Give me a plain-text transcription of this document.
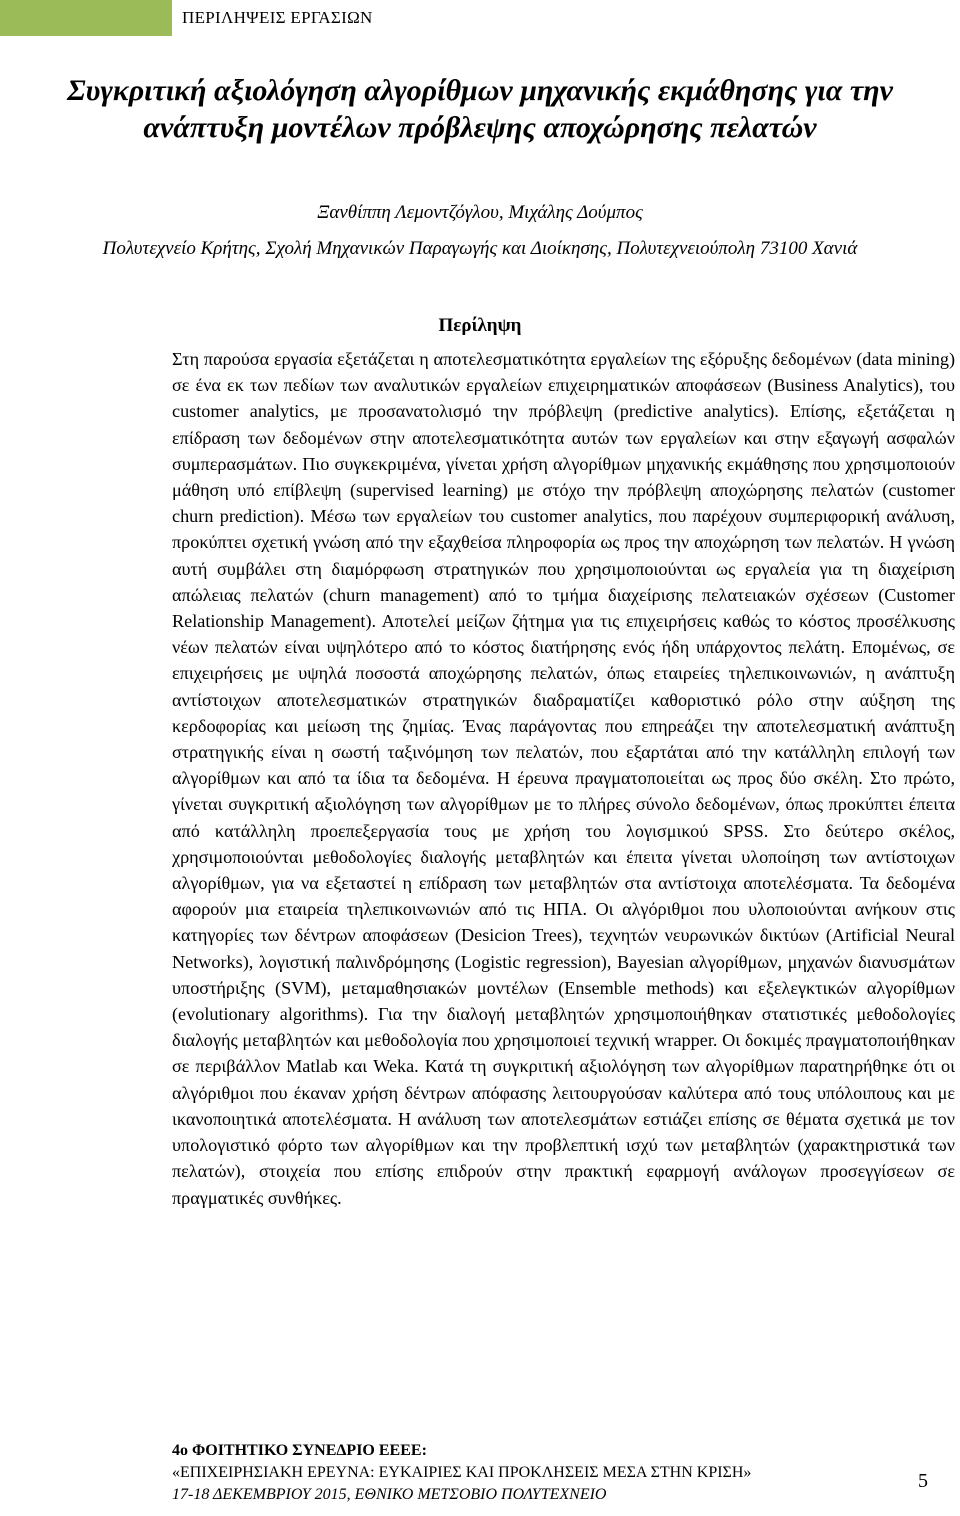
ΠΕΡΙΛΗΨΕΙΣ ΕΡΓΑΣΙΩΝ
Συγκριτική αξιολόγηση αλγορίθμων μηχανικής εκμάθησης για την ανάπτυξη μοντέλων πρόβλεψης αποχώρησης πελατών
Ξανθίππη Λεμοντζόγλου, Μιχάλης Δούμπος
Πολυτεχνείο Κρήτης, Σχολή Μηχανικών Παραγωγής και Διοίκησης, Πολυτεχνειούπολη 73100 Χανιά
Περίληψη

Στη παρούσα εργασία εξετάζεται η αποτελεσματικότητα εργαλείων της εξόρυξης δεδομένων (data mining) σε ένα εκ των πεδίων των αναλυτικών εργαλείων επιχειρηματικών αποφάσεων (Business Analytics), του customer analytics, με προσανατολισμό την πρόβλεψη (predictive analytics). Επίσης, εξετάζεται η επίδραση των δεδομένων στην αποτελεσματικότητα αυτών των εργαλείων και στην εξαγωγή ασφαλών συμπερασμάτων. Πιο συγκεκριμένα, γίνεται χρήση αλγορίθμων μηχανικής εκμάθησης που χρησιμοποιούν μάθηση υπό επίβλεψη (supervised learning) με στόχο την πρόβλεψη αποχώρησης πελατών (customer churn prediction). Μέσω των εργαλείων του customer analytics, που παρέχουν συμπεριφορική ανάλυση, προκύπτει σχετική γνώση από την εξαχθείσα πληροφορία ως προς την αποχώρηση των πελατών. Η γνώση αυτή συμβάλει στη διαμόρφωση στρατηγικών που χρησιμοποιούνται ως εργαλεία για τη διαχείριση απώλειας πελατών (churn management) από το τμήμα διαχείρισης πελατειακών σχέσεων (Customer Relationship Management). Αποτελεί μείζων ζήτημα για τις επιχειρήσεις καθώς το κόστος προσέλκυσης νέων πελατών είναι υψηλότερο από το κόστος διατήρησης ενός ήδη υπάρχοντος πελάτη. Επομένως, σε επιχειρήσεις με υψηλά ποσοστά αποχώρησης πελατών, όπως εταιρείες τηλεπικοινωνιών, η ανάπτυξη αντίστοιχων αποτελεσματικών στρατηγικών διαδραματίζει καθοριστικό ρόλο στην αύξηση της κερδοφορίας και μείωση της ζημίας. Ένας παράγοντας που επηρεάζει την αποτελεσματική ανάπτυξη στρατηγικής είναι η σωστή ταξινόμηση των πελατών, που εξαρτάται από την κατάλληλη επιλογή των αλγορίθμων και από τα ίδια τα δεδομένα. Η έρευνα πραγματοποιείται ως προς δύο σκέλη. Στο πρώτο, γίνεται συγκριτική αξιολόγηση των αλγορίθμων με το πλήρες σύνολο δεδομένων, όπως προκύπτει έπειτα από κατάλληλη προεπεξεργασία τους με χρήση του λογισμικού SPSS. Στο δεύτερο σκέλος, χρησιμοποιούνται μεθοδολογίες διαλογής μεταβλητών και έπειτα γίνεται υλοποίηση των αντίστοιχων αλγορίθμων, για να εξεταστεί η επίδραση των μεταβλητών στα αντίστοιχα αποτελέσματα. Τα δεδομένα αφορούν μια εταιρεία τηλεπικοινωνιών από τις ΗΠΑ. Οι αλγόριθμοι που υλοποιούνται ανήκουν στις κατηγορίες των δέντρων αποφάσεων (Desicion Trees), τεχνητών νευρωνικών δικτύων (Artificial Neural Networks), λογιστική παλινδρόμησης (Logistic regression), Bayesian αλγορίθμων, μηχανών διανυσμάτων υποστήριξης (SVM), μεταμαθησιακών μοντέλων (Ensemble methods) και εξελεγκτικών αλγορίθμων (evolutionary algorithms). Για την διαλογή μεταβλητών χρησιμοποιήθηκαν στατιστικές μεθοδολογίες διαλογής μεταβλητών και μεθοδολογία που χρησιμοποιεί τεχνική wrapper. Οι δοκιμές πραγματοποιήθηκαν σε περιβάλλον Matlab και Weka. Κατά τη συγκριτική αξιολόγηση των αλγορίθμων παρατηρήθηκε ότι οι αλγόριθμοι που έκαναν χρήση δέντρων απόφασης λειτουργούσαν καλύτερα από τους υπόλοιπους και με ικανοποιητικά αποτελέσματα. Η ανάλυση των αποτελεσμάτων εστιάζει επίσης σε θέματα σχετικά με τον υπολογιστικό φόρτο των αλγορίθμων και την προβλεπτική ισχύ των μεταβλητών (χαρακτηριστικά των πελατών), στοιχεία που επίσης επιδρούν στην πρακτική εφαρμογή ανάλογων προσεγγίσεων σε πραγματικές συνθήκες.

4ο ΦΟΙΤΗΤΙΚΟ ΣΥΝΕΔΡΙΟ ΕΕΕΕ:
«ΕΠΙΧΕΙΡΗΣΙΑΚΗ ΕΡΕΥΝΑ: ΕΥΚΑΙΡΙΕΣ ΚΑΙ ΠΡΟΚΛΗΣΕΙΣ ΜΕΣΑ ΣΤΗΝ ΚΡΙΣΗ»
17-18 ΔΕΚΕΜΒΡΙΟΥ 2015, ΕΘΝΙΚΟ ΜΕΤΣΟΒΙΟ ΠΟΛΥΤΕΧΝΕΙΟ
5
